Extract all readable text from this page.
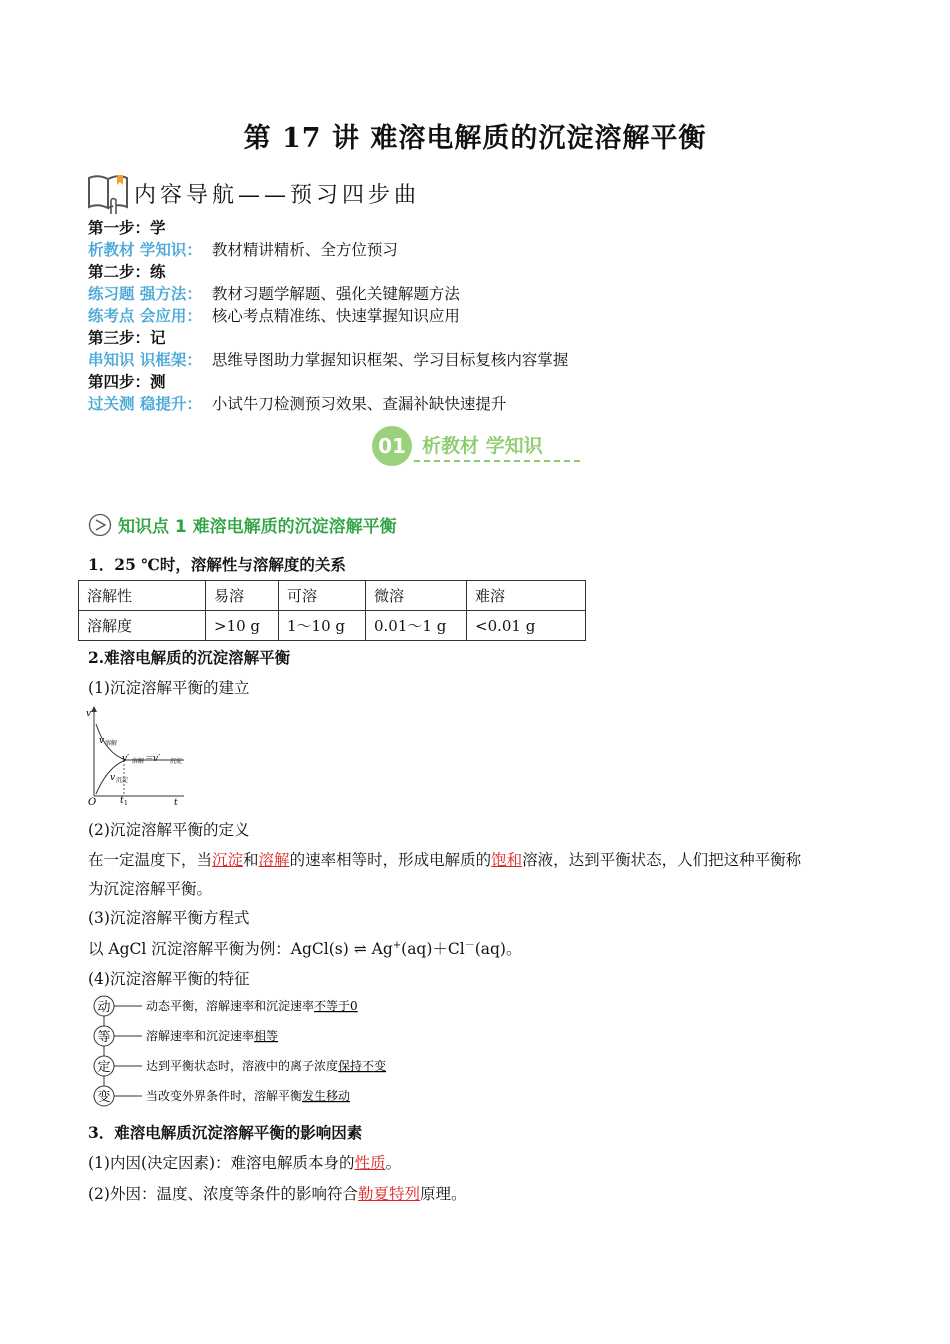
第 17 讲 难溶电解质的沉淀溶解平衡
内容导航——预习四步曲
第一步：学
析教材 学知识： 教材精讲精析、全方位预习
第二步：练
练习题 强方法： 教材习题学解题、强化关键解题方法
练考点 会应用： 核心考点精准练、快速掌握知识应用
第三步：记
串知识 识框架： 思维导图助力掌握知识框架、学习目标复核内容掌握
第四步：测
过关测 稳提升： 小试牛刀检测预习效果、查漏补缺快速提升
01 析教材 学知识
知识点 1 难溶电解质的沉淀溶解平衡
1．25 ℃时，溶解性与溶解度的关系
溶解性	易溶	可溶	微溶	难溶
溶解度	>10 g	1～10 g	0.01～1 g	<0.01 g
2.难溶电解质的沉淀溶解平衡
(1)沉淀溶解平衡的建立
v
t
O
v 溶解
v 沉淀
v′ 溶解 ＝v′ 沉淀
t 1
(2)沉淀溶解平衡的定义
在一定温度下，当沉淀和溶解的速率相等时，形成电解质的饱和溶液，达到平衡状态，人们把这种平衡称
为沉淀溶解平衡。
(3)沉淀溶解平衡方程式
以 AgCl 沉淀溶解平衡为例：AgCl(s) ⇌ Ag+(aq)＋Cl－(aq)。
(4)沉淀溶解平衡的特征
动	动态平衡，溶解速率和沉淀速率不等于0
等	溶解速率和沉淀速率相等
定	达到平衡状态时，溶液中的离子浓度保持不变
变	当改变外界条件时，溶解平衡发生移动
3．难溶电解质沉淀溶解平衡的影响因素
(1)内因(决定因素)：难溶电解质本身的性质。
(2)外因：温度、浓度等条件的影响符合勒夏特列原理。
